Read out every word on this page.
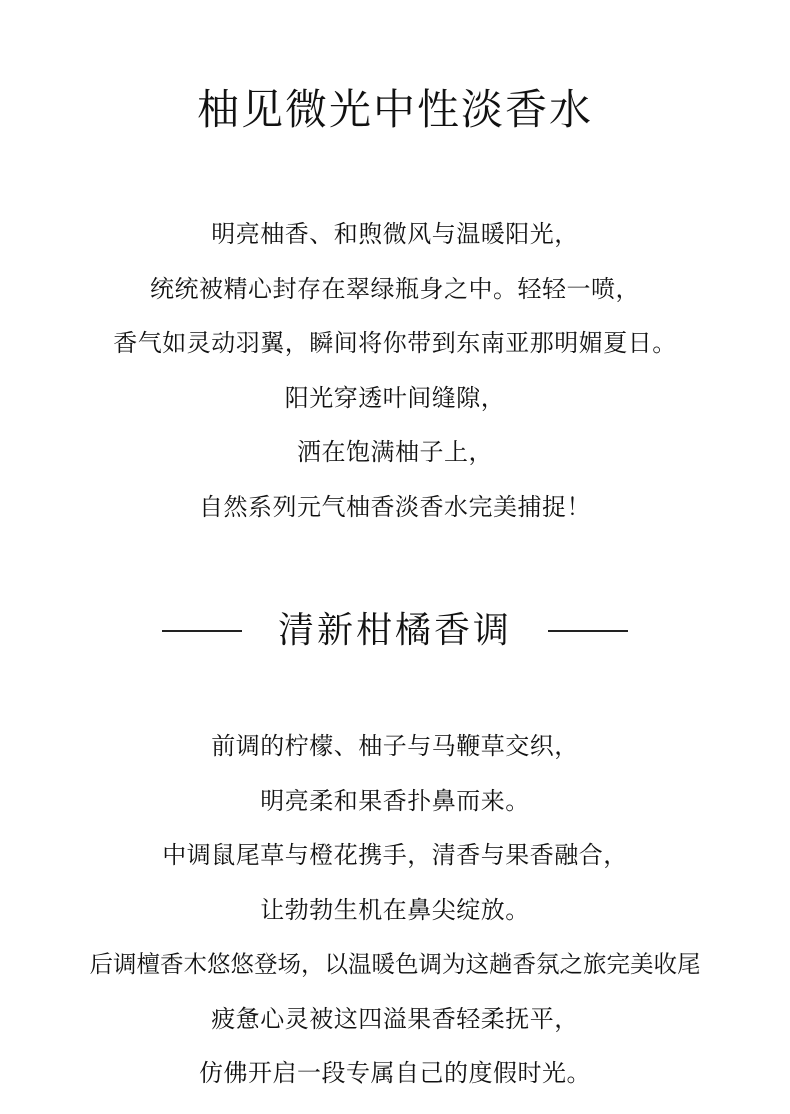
柚见微光中性淡香水
明亮柚香、和煦微风与温暖阳光，
统统被精心封存在翠绿瓶身之中。轻轻一喷，
香气如灵动羽翼，瞬间将你带到东南亚那明媚夏日。
阳光穿透叶间缝隙，
洒在饱满柚子上，
自然系列元气柚香淡香水完美捕捉！
清新柑橘香调
前调的柠檬、柚子与马鞭草交织，
明亮柔和果香扑鼻而来。
中调鼠尾草与橙花携手，清香与果香融合，
让勃勃生机在鼻尖绽放。
后调檀香木悠悠登场，以温暖色调为这趟香氛之旅完美收尾
疲惫心灵被这四溢果香轻柔抚平，
仿佛开启一段专属自己的度假时光。
